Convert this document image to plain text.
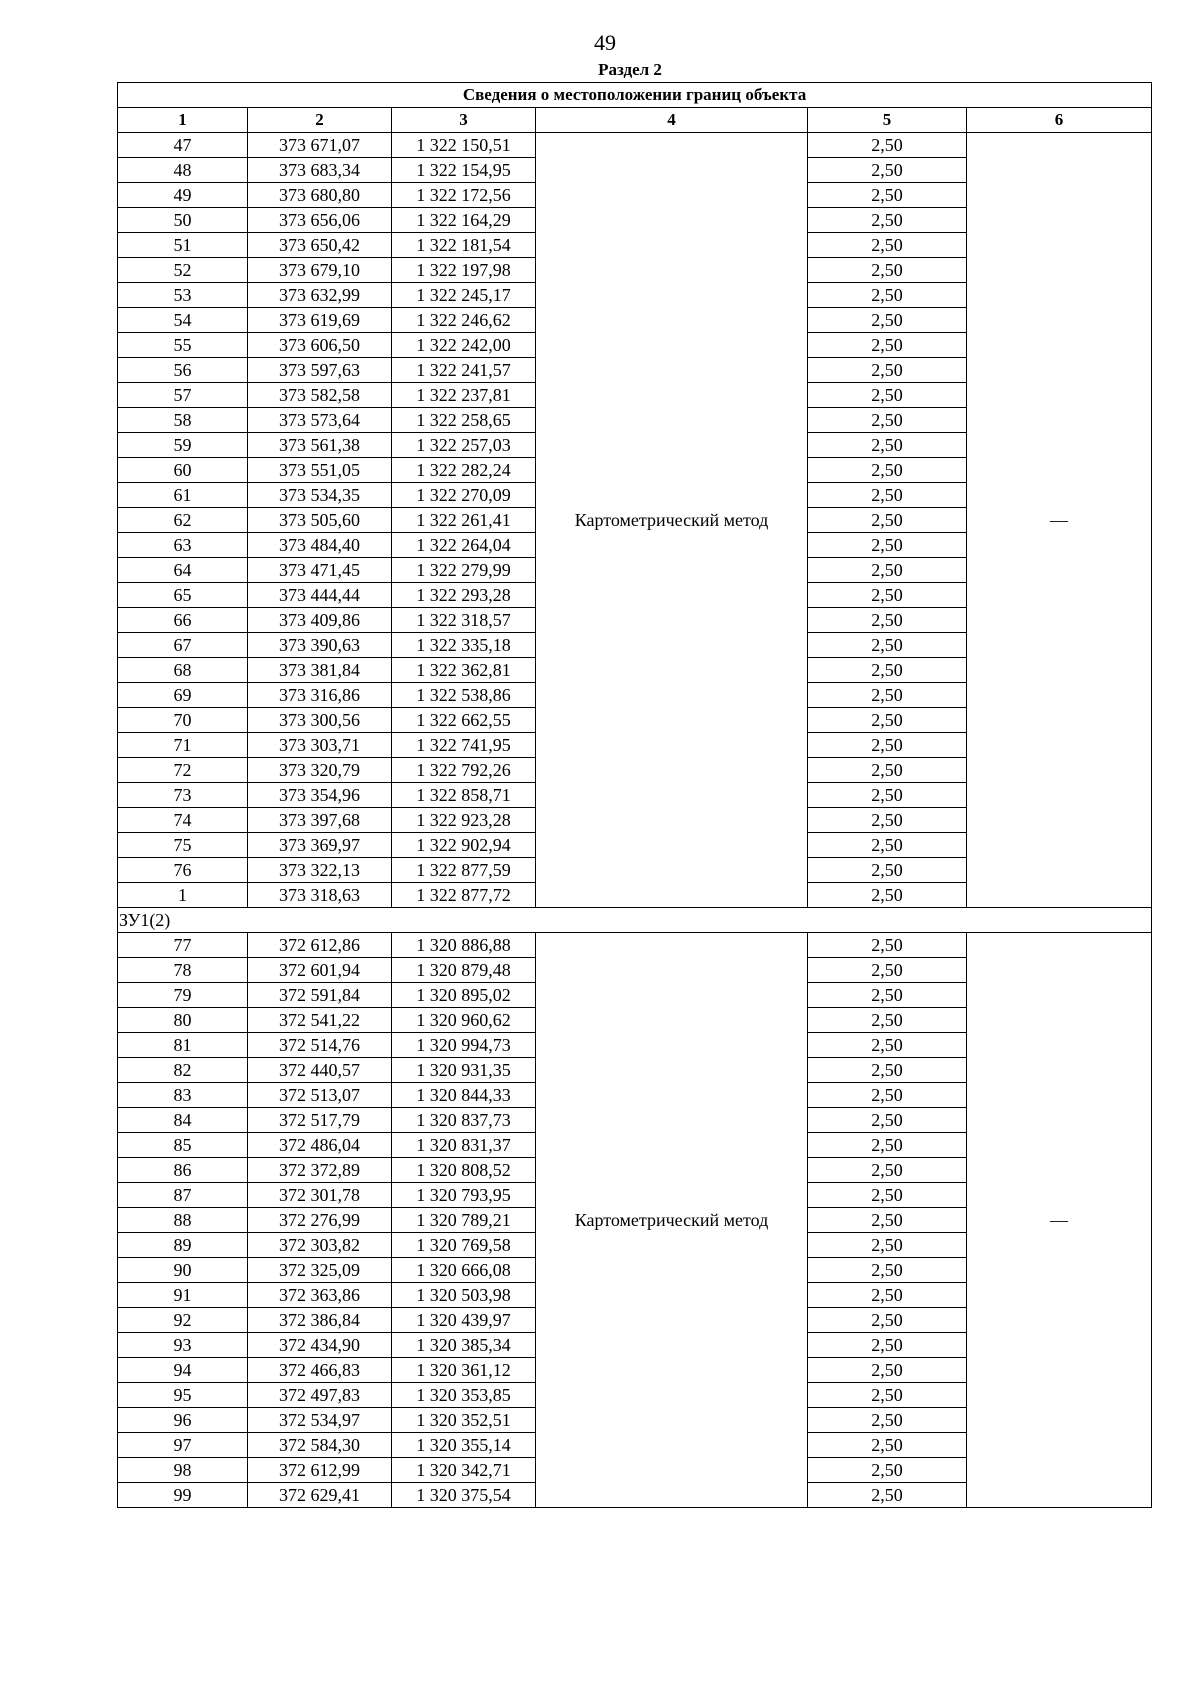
49
Раздел 2
Сведения о местоположении границ объекта					
1	2	3	4	5	6
47	373 671,07	1 322 150,51	Картометрический метод	2,50	—
48	373 683,34	1 322 154,95		2,50	
49	373 680,80	1 322 172,56		2,50	
50	373 656,06	1 322 164,29		2,50	
51	373 650,42	1 322 181,54		2,50	
52	373 679,10	1 322 197,98		2,50	
53	373 632,99	1 322 245,17		2,50	
54	373 619,69	1 322 246,62		2,50	
55	373 606,50	1 322 242,00		2,50	
56	373 597,63	1 322 241,57		2,50	
57	373 582,58	1 322 237,81		2,50	
58	373 573,64	1 322 258,65		2,50	
59	373 561,38	1 322 257,03		2,50	
60	373 551,05	1 322 282,24		2,50	
61	373 534,35	1 322 270,09		2,50	
62	373 505,60	1 322 261,41		2,50	
63	373 484,40	1 322 264,04		2,50	
64	373 471,45	1 322 279,99		2,50	
65	373 444,44	1 322 293,28		2,50	
66	373 409,86	1 322 318,57		2,50	
67	373 390,63	1 322 335,18		2,50	
68	373 381,84	1 322 362,81		2,50	
69	373 316,86	1 322 538,86		2,50	
70	373 300,56	1 322 662,55		2,50	
71	373 303,71	1 322 741,95		2,50	
72	373 320,79	1 322 792,26		2,50	
73	373 354,96	1 322 858,71		2,50	
74	373 397,68	1 322 923,28		2,50	
75	373 369,97	1 322 902,94		2,50	
76	373 322,13	1 322 877,59		2,50	
1	373 318,63	1 322 877,72		2,50	
ЗУ1(2)					
77	372 612,86	1 320 886,88	Картометрический метод	2,50	—
78	372 601,94	1 320 879,48		2,50	
79	372 591,84	1 320 895,02		2,50	
80	372 541,22	1 320 960,62		2,50	
81	372 514,76	1 320 994,73		2,50	
82	372 440,57	1 320 931,35		2,50	
83	372 513,07	1 320 844,33		2,50	
84	372 517,79	1 320 837,73		2,50	
85	372 486,04	1 320 831,37		2,50	
86	372 372,89	1 320 808,52		2,50	
87	372 301,78	1 320 793,95		2,50	
88	372 276,99	1 320 789,21		2,50	
89	372 303,82	1 320 769,58		2,50	
90	372 325,09	1 320 666,08		2,50	
91	372 363,86	1 320 503,98		2,50	
92	372 386,84	1 320 439,97		2,50	
93	372 434,90	1 320 385,34		2,50	
94	372 466,83	1 320 361,12		2,50	
95	372 497,83	1 320 353,85		2,50	
96	372 534,97	1 320 352,51		2,50	
97	372 584,30	1 320 355,14		2,50	
98	372 612,99	1 320 342,71		2,50	
99	372 629,41	1 320 375,54		2,50	
